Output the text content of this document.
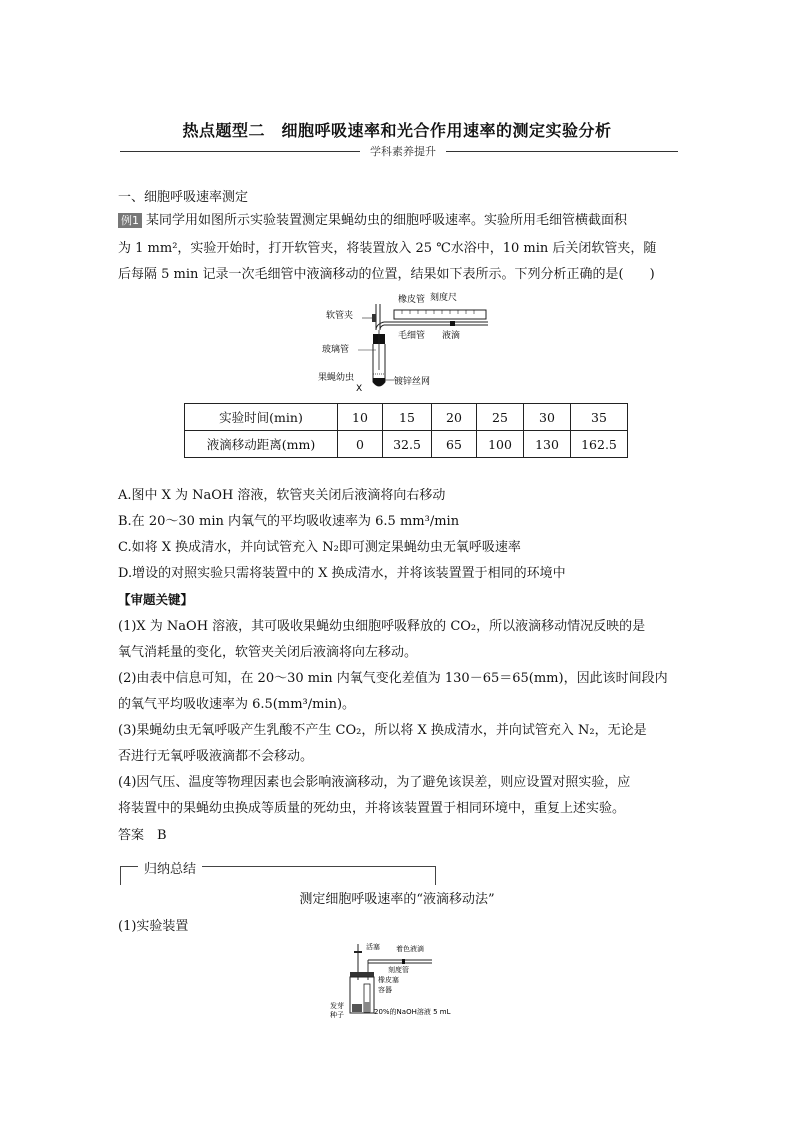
热点题型二　细胞呼吸速率和光合作用速率的测定实验分析
学科素养提升
一、细胞呼吸速率测定
例1 某同学用如图所示实验装置测定果蝇幼虫的细胞呼吸速率。实验所用毛细管横截面积
为 1 mm²，实验开始时，打开软管夹，将装置放入 25 ℃水浴中，10 min 后关闭软管夹，随
后每隔 5 min 记录一次毛细管中液滴移动的位置，结果如下表所示。下列分析正确的是(　　)
橡皮管 刻度尺
软管夹
毛细管 液滴
玻璃管
果蝇幼虫
X
镀锌丝网
实验时间(min)	10	15	20	25	30	35
液滴移动距离(mm)	0	32.5	65	100	130	162.5
A.图中 X 为 NaOH 溶液，软管夹关闭后液滴将向右移动
B.在 20～30 min 内氧气的平均吸收速率为 6.5 mm³/min
C.如将 X 换成清水，并向试管充入 N₂即可测定果蝇幼虫无氧呼吸速率
D.增设的对照实验只需将装置中的 X 换成清水，并将该装置置于相同的环境中
【审题关键】
(1)X 为 NaOH 溶液，其可吸收果蝇幼虫细胞呼吸释放的 CO₂，所以液滴移动情况反映的是
氧气消耗量的变化，软管夹关闭后液滴将向左移动。
(2)由表中信息可知，在 20～30 min 内氧气变化差值为 130－65＝65(mm)，因此该时间段内
的氧气平均吸收速率为 6.5(mm³/min)。
(3)果蝇幼虫无氧呼吸产生乳酸不产生 CO₂，所以将 X 换成清水，并向试管充入 N₂，无论是
否进行无氧呼吸液滴都不会移动。
(4)因气压、温度等物理因素也会影响液滴移动，为了避免该误差，则应设置对照实验，应
将装置中的果蝇幼虫换成等质量的死幼虫，并将该装置置于相同环境中，重复上述实验。
答案　B
归纳总结
测定细胞呼吸速率的“液滴移动法”
(1)实验装置
活塞 着色液滴
刻度管
橡皮塞
容器
发芽
种子	20%的NaOH溶液 5 mL
